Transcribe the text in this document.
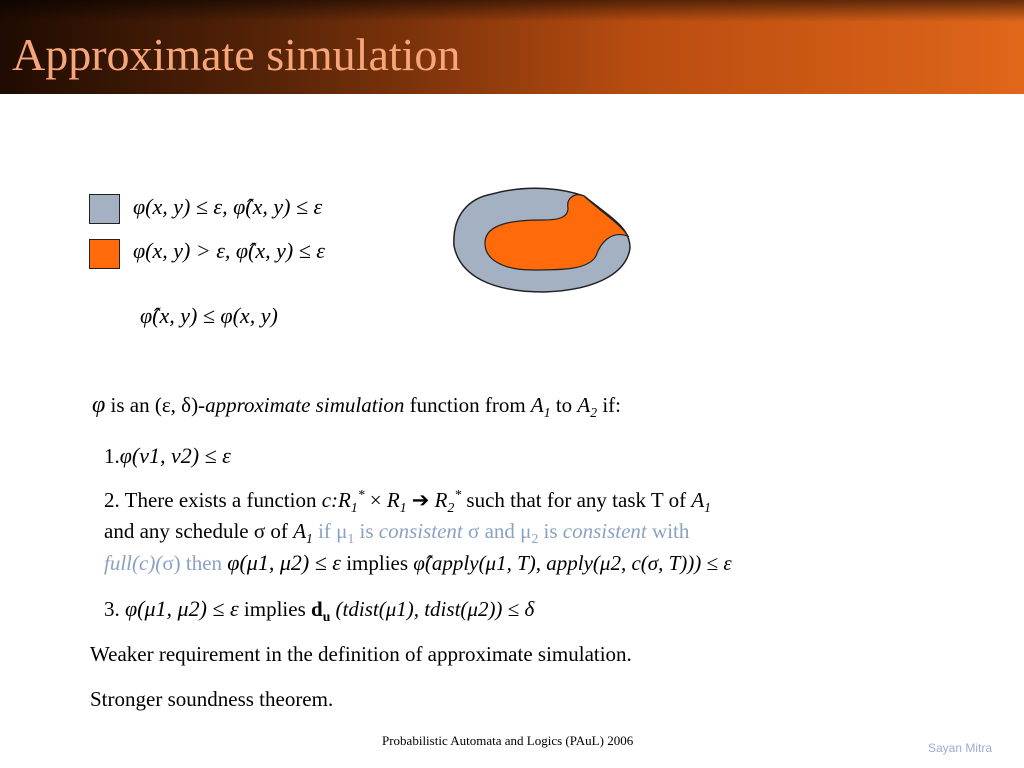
Approximate simulation
φ(x, y) ≤ ε, φ̂(x, y) ≤ ε
φ(x, y) > ε, φ̂(x, y) ≤ ε
φ̂(x, y) ≤ φ(x, y)
φ is an (ε, δ)-approximate simulation function from $A_1$ to $A_2$ if:
1.φ(ν1, ν2) ≤ ε
2. There exists a function $c:R_1^* \times R_1$ ➔ $R_2^*$ such that for any task T of $A_1$
and any schedule σ of $A_1$ if $\mu_1$ is consistent σ and $\mu_2$ is consistent with
full(c)(σ) then φ(μ1, μ2) ≤ ε implies φ̂(apply(μ1, T), apply(μ2, c(σ, T))) ≤ ε
3. φ(μ1, μ2) ≤ ε implies $d_u$ (tdist(μ1), tdist(μ2)) ≤ δ
Weaker requirement in the definition of approximate simulation.
Stronger soundness theorem.
Probabilistic Automata and Logics (PAuL) 2006	Sayan Mitra
